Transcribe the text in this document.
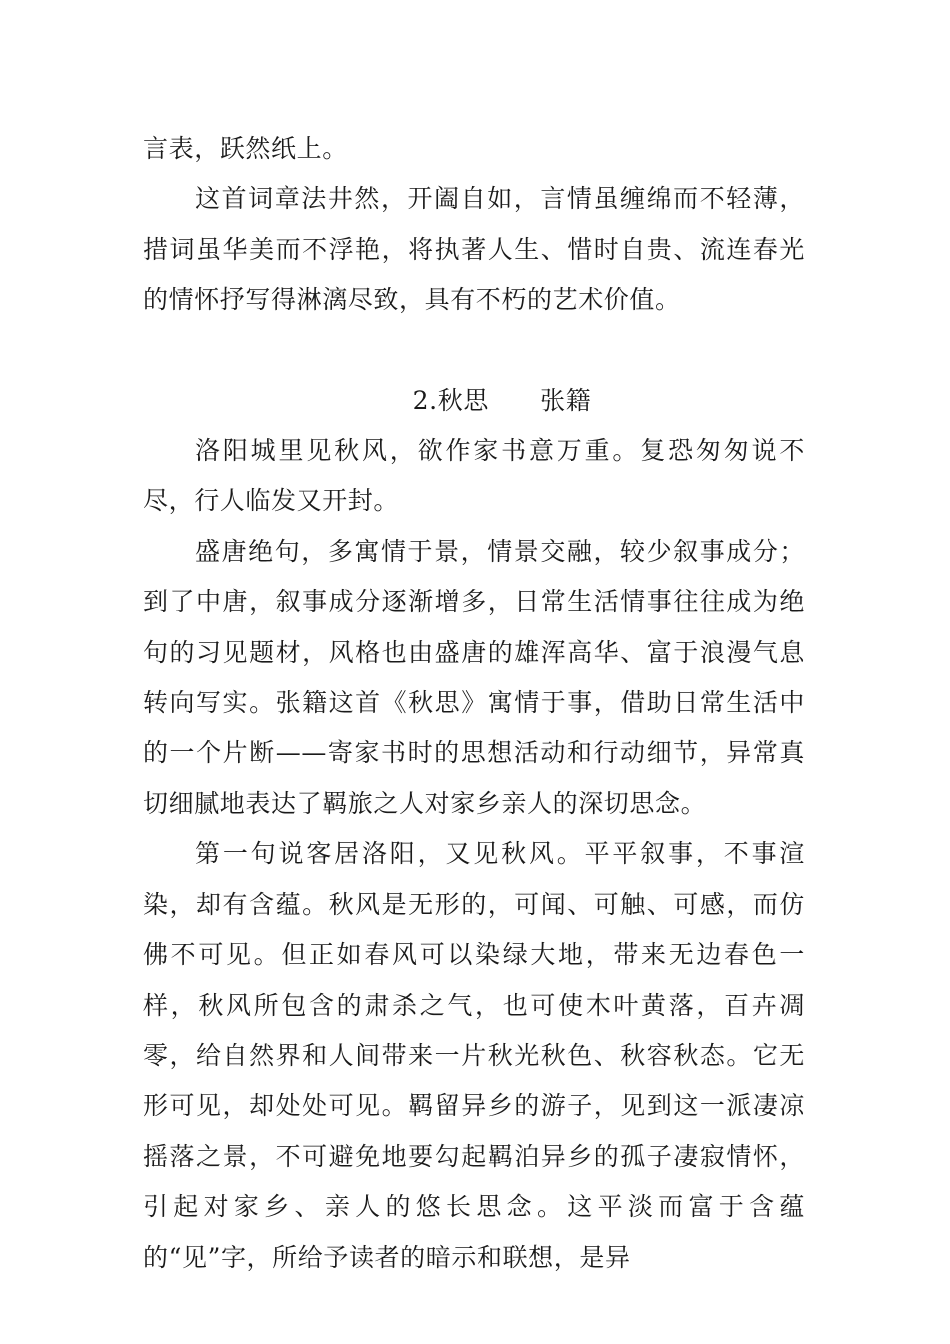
言表，跃然纸上。

这首词章法井然，开阖自如，言情虽缠绵而不轻薄，措词虽华美而不浮艳，将执著人生、惜时自贵、流连春光的情怀抒写得淋漓尽致，具有不朽的艺术价值。

2.秋思　　张籍

洛阳城里见秋风，欲作家书意万重。复恐匆匆说不尽，行人临发又开封。

盛唐绝句，多寓情于景，情景交融，较少叙事成分；到了中唐，叙事成分逐渐增多，日常生活情事往往成为绝句的习见题材，风格也由盛唐的雄浑高华、富于浪漫气息转向写实。张籍这首《秋思》寓情于事，借助日常生活中的一个片断——寄家书时的思想活动和行动细节，异常真切细腻地表达了羁旅之人对家乡亲人的深切思念。

第一句说客居洛阳，又见秋风。平平叙事，不事渲染，却有含蕴。秋风是无形的，可闻、可触、可感，而仿佛不可见。但正如春风可以染绿大地，带来无边春色一样，秋风所包含的肃杀之气，也可使木叶黄落，百卉凋零，给自然界和人间带来一片秋光秋色、秋容秋态。它无形可见，却处处可见。羁留异乡的游子，见到这一派凄凉摇落之景，不可避免地要勾起羁泊异乡的孤子凄寂情怀，引起对家乡、亲人的悠长思念。这平淡而富于含蕴的“见”字，所给予读者的暗示和联想，是异
